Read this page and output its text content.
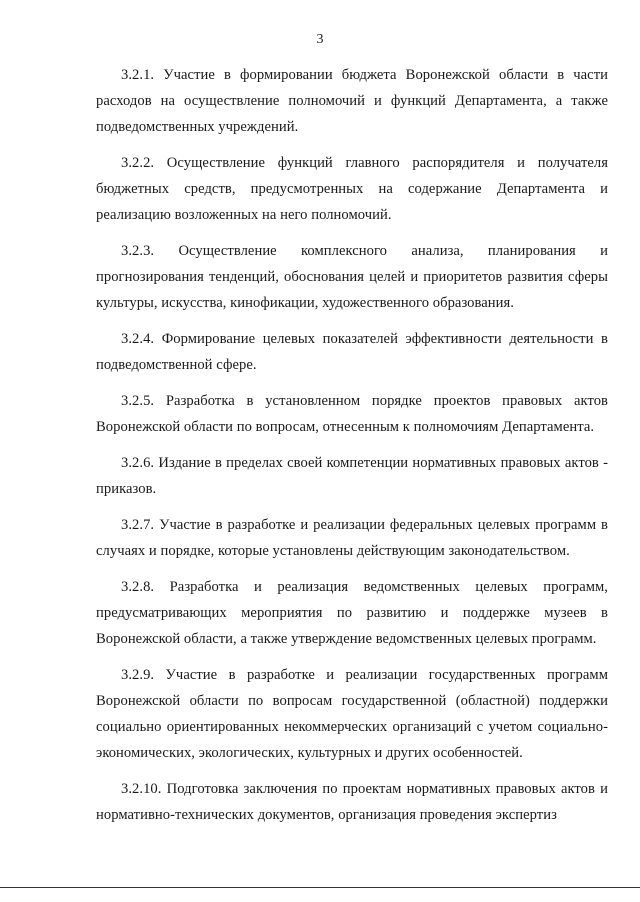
3

3.2.1. Участие в формировании бюджета Воронежской области в части расходов на осуществление полномочий и функций Департамента, а также подведомственных учреждений.

3.2.2. Осуществление функций главного распорядителя и получателя бюджетных средств, предусмотренных на содержание Департамента и реализацию возложенных на него полномочий.

3.2.3. Осуществление комплексного анализа, планирования и прогнозирования тенденций, обоснования целей и приоритетов развития сферы культуры, искусства, кинофикации, художественного образования.

3.2.4. Формирование целевых показателей эффективности деятельности в подведомственной сфере.

3.2.5. Разработка в установленном порядке проектов правовых актов Воронежской области по вопросам, отнесенным к полномочиям Департамента.

3.2.6. Издание в пределах своей компетенции нормативных правовых актов - приказов.

3.2.7. Участие в разработке и реализации федеральных целевых программ в случаях и порядке, которые установлены действующим законодательством.

3.2.8. Разработка и реализация ведомственных целевых программ, предусматривающих мероприятия по развитию и поддержке музеев в Воронежской области, а также утверждение ведомственных целевых программ.

3.2.9. Участие в разработке и реализации государственных программ Воронежской области по вопросам государственной (областной) поддержки социально ориентированных некоммерческих организаций с учетом социально-экономических, экологических, культурных и других особенностей.

3.2.10. Подготовка заключения по проектам нормативных правовых актов и нормативно-технических документов, организация проведения экспертиз
